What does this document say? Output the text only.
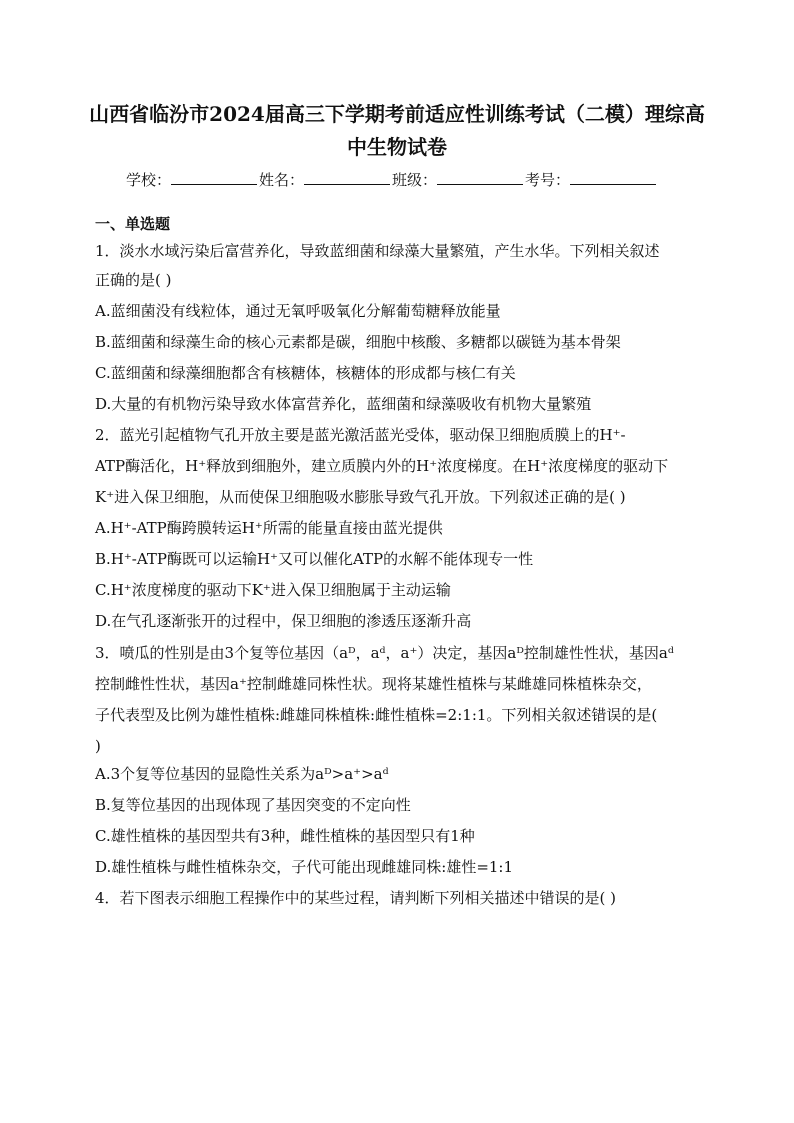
山西省临汾市2024届高三下学期考前适应性训练考试（二模）理综高
中生物试卷
学校：	姓名：	班级：	考号：
一、单选题
1．淡水水域污染后富营养化，导致蓝细菌和绿藻大量繁殖，产生水华。下列相关叙述
正确的是( )
A.蓝细菌没有线粒体，通过无氧呼吸氧化分解葡萄糖释放能量
B.蓝细菌和绿藻生命的核心元素都是碳，细胞中核酸、多糖都以碳链为基本骨架
C.蓝细菌和绿藻细胞都含有核糖体，核糖体的形成都与核仁有关
D.大量的有机物污染导致水体富营养化，蓝细菌和绿藻吸收有机物大量繁殖
2．蓝光引起植物气孔开放主要是蓝光激活蓝光受体，驱动保卫细胞质膜上的H⁺-
ATP酶活化，H⁺释放到细胞外，建立质膜内外的H⁺浓度梯度。在H⁺浓度梯度的驱动下
K⁺进入保卫细胞，从而使保卫细胞吸水膨胀导致气孔开放。下列叙述正确的是( )
A.H⁺-ATP酶跨膜转运H⁺所需的能量直接由蓝光提供
B.H⁺-ATP酶既可以运输H⁺又可以催化ATP的水解不能体现专一性
C.H⁺浓度梯度的驱动下K⁺进入保卫细胞属于主动运输
D.在气孔逐渐张开的过程中，保卫细胞的渗透压逐渐升高
3．喷瓜的性别是由3个复等位基因（aᴰ，aᵈ，a⁺）决定，基因aᴰ控制雄性性状，基因aᵈ
控制雌性性状，基因a⁺控制雌雄同株性状。现将某雄性植株与某雌雄同株植株杂交，
子代表型及比例为雄性植株:雌雄同株植株:雌性植株=2:1:1。下列相关叙述错误的是(
)
A.3个复等位基因的显隐性关系为aᴰ>a⁺>aᵈ
B.复等位基因的出现体现了基因突变的不定向性
C.雄性植株的基因型共有3种，雌性植株的基因型只有1种
D.雄性植株与雌性植株杂交，子代可能出现雌雄同株:雄性=1:1
4．若下图表示细胞工程操作中的某些过程，请判断下列相关描述中错误的是( )
